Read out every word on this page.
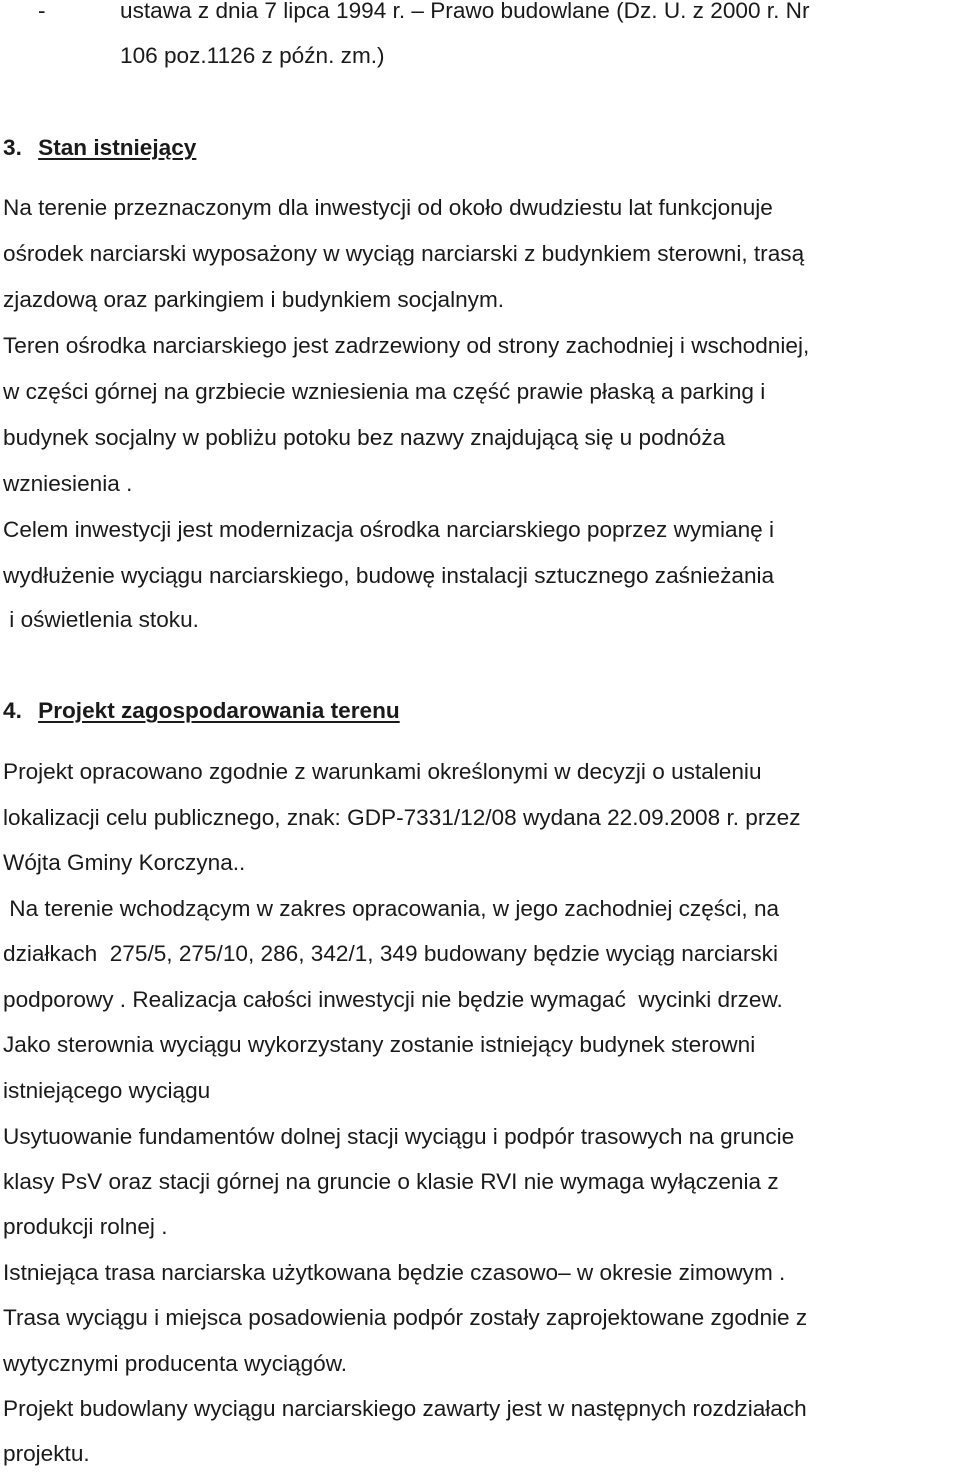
-	ustawa z dnia 7 lipca 1994 r. – Prawo budowlane (Dz. U. z 2000 r. Nr
106 poz.1126 z późn. zm.)
3. Stan istniejący
Na terenie przeznaczonym dla inwestycji od około dwudziestu lat funkcjonuje
ośrodek narciarski wyposażony w wyciąg narciarski z budynkiem sterowni, trasą
zjazdową oraz parkingiem i budynkiem socjalnym.
Teren ośrodka narciarskiego jest zadrzewiony od strony zachodniej i wschodniej,
w części górnej na grzbiecie wzniesienia ma część prawie płaską a parking i
budynek socjalny w pobliżu potoku bez nazwy znajdującą się u podnóża
wzniesienia .
Celem inwestycji jest modernizacja ośrodka narciarskiego poprzez wymianę i
wydłużenie wyciągu narciarskiego, budowę instalacji sztucznego zaśnieżania
i oświetlenia stoku.
4. Projekt zagospodarowania terenu
Projekt opracowano zgodnie z warunkami określonymi w decyzji o ustaleniu
lokalizacji celu publicznego, znak: GDP-7331/12/08 wydana 22.09.2008 r. przez
Wójta Gminy Korczyna..
Na terenie wchodzącym w zakres opracowania, w jego zachodniej części, na
działkach  275/5, 275/10, 286, 342/1, 349 budowany będzie wyciąg narciarski
podporowy . Realizacja całości inwestycji nie będzie wymagać  wycinki drzew.
Jako sterownia wyciągu wykorzystany zostanie istniejący budynek sterowni
istniejącego wyciągu
Usytuowanie fundamentów dolnej stacji wyciągu i podpór trasowych na gruncie
klasy PsV oraz stacji górnej na gruncie o klasie RVI nie wymaga wyłączenia z
produkcji rolnej .
Istniejąca trasa narciarska użytkowana będzie czasowo– w okresie zimowym .
Trasa wyciągu i miejsca posadowienia podpór zostały zaprojektowane zgodnie z
wytycznymi producenta wyciągów.
Projekt budowlany wyciągu narciarskiego zawarty jest w następnych rozdziałach
projektu.
